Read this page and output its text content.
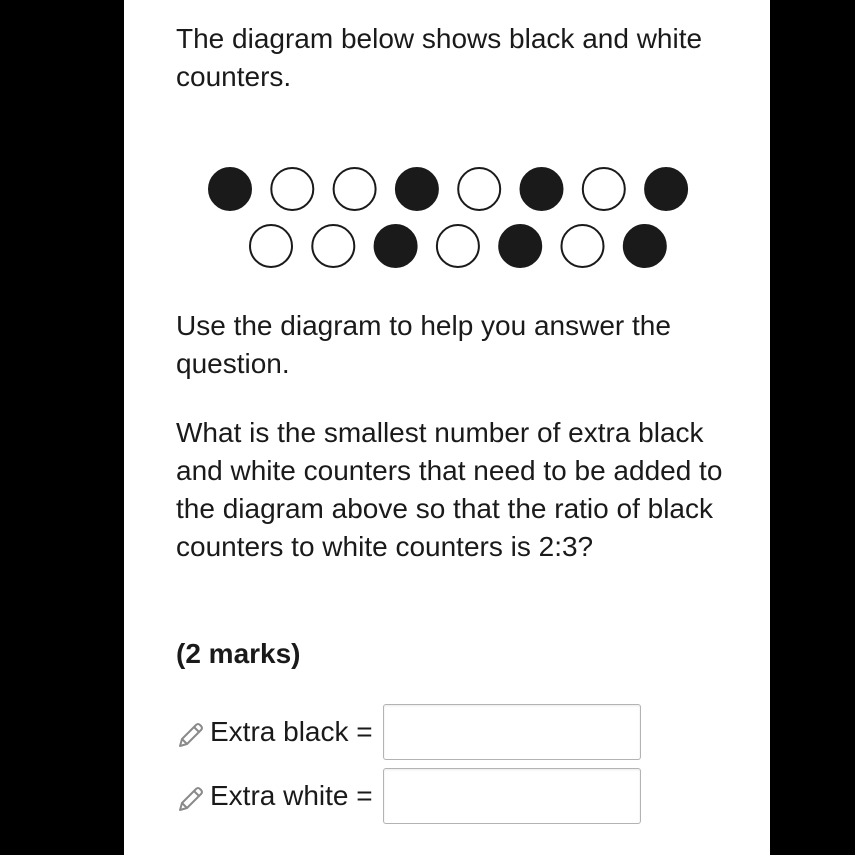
The diagram below shows black and white counters.

Use the diagram to help you answer the question.

What is the smallest number of extra black and white counters that need to be added to the diagram above so that the ratio of black counters to white counters is 2:3?

(2 marks)

Extra black =
Extra white =
